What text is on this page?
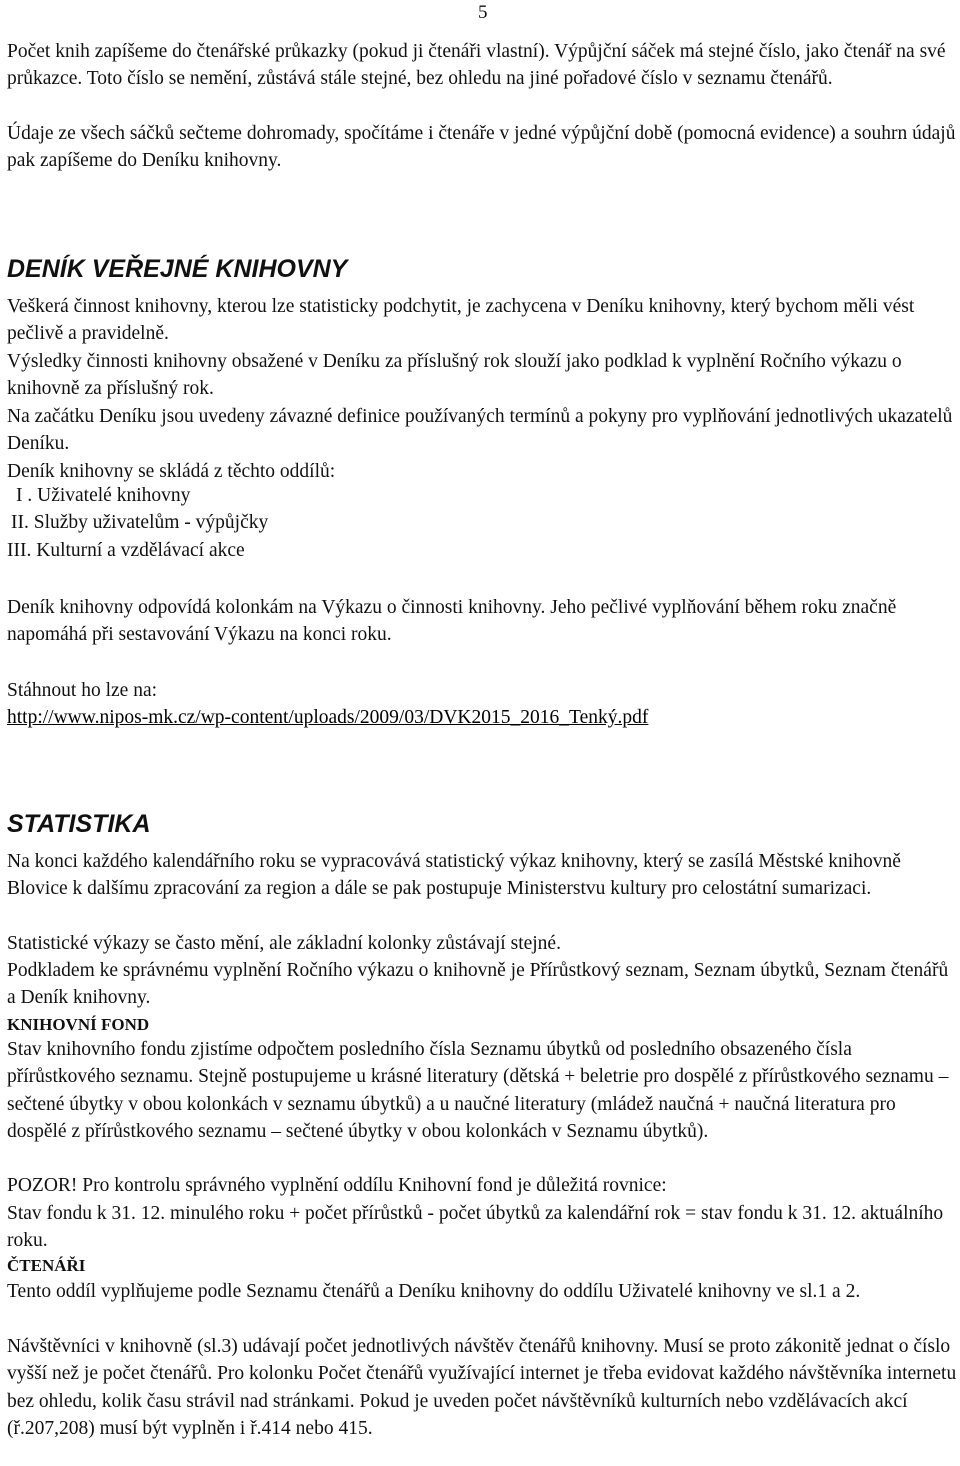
5

Počet knih zapíšeme do čtenářské průkazky (pokud ji čtenáři vlastní). Výpůjční sáček má stejné číslo, jako čtenář na své průkazce. Toto číslo se nemění, zůstává stále stejné, bez ohledu na jiné pořadové číslo v seznamu čtenářů.

Údaje ze všech sáčků sečteme dohromady, spočítáme i čtenáře v jedné výpůjční době (pomocná evidence) a souhrn údajů pak zapíšeme do Deníku knihovny.

DENÍK VEŘEJNÉ KNIHOVNY

Veškerá činnost knihovny, kterou lze statisticky podchytit, je zachycena v Deníku knihovny, který bychom měli vést pečlivě a pravidelně.

Výsledky činnosti knihovny obsažené v Deníku za příslušný rok slouží jako podklad k vyplnění Ročního výkazu o knihovně za příslušný rok.

Na začátku Deníku jsou uvedeny závazné definice používaných termínů a pokyny pro vyplňování jednotlivých ukazatelů Deníku.

Deník knihovny se skládá z těchto oddílů:

I . Uživatelé knihovny
II. Služby uživatelům - výpůjčky
III. Kulturní a vzdělávací akce

Deník knihovny odpovídá kolonkám na Výkazu o činnosti knihovny. Jeho pečlivé vyplňování během roku značně napomáhá při sestavování Výkazu na konci roku.

Stáhnout ho lze na:

http://www.nipos-mk.cz/wp-content/uploads/2009/03/DVK2015_2016_Tenký.pdf

STATISTIKA

Na konci každého kalendářního roku se vypracovává statistický výkaz knihovny, který se zasílá Městské knihovně Blovice k dalšímu zpracování za region a dále se pak postupuje Ministerstvu kultury pro celostátní sumarizaci.

Statistické výkazy se často mění, ale základní kolonky zůstávají stejné.

Podkladem ke správnému vyplnění Ročního výkazu o knihovně je Přírůstkový seznam, Seznam úbytků, Seznam čtenářů a Deník knihovny.

KNIHOVNÍ FOND

Stav knihovního fondu zjistíme odpočtem posledního čísla Seznamu úbytků od posledního obsazeného čísla přírůstkového seznamu. Stejně postupujeme u krásné literatury (dětská + beletrie pro dospělé z přírůstkového seznamu – sečtené úbytky v obou kolonkách v seznamu úbytků) a u naučné literatury (mládež naučná + naučná literatura pro dospělé z přírůstkového seznamu – sečtené úbytky v obou kolonkách v Seznamu úbytků).

POZOR! Pro kontrolu správného vyplnění oddílu Knihovní fond je důležitá rovnice:

Stav fondu k 31. 12. minulého roku + počet přírůstků - počet úbytků za kalendářní rok = stav fondu k 31. 12. aktuálního roku.

ČTENÁŘI

Tento oddíl vyplňujeme podle Seznamu čtenářů a Deníku knihovny do oddílu Uživatelé knihovny ve sl.1 a 2.

Návštěvníci v knihovně (sl.3) udávají počet jednotlivých návštěv čtenářů knihovny. Musí se proto zákonitě jednat o číslo vyšší než je počet čtenářů. Pro kolonku Počet čtenářů využívající internet je třeba evidovat každého návštěvníka internetu bez ohledu, kolik času strávil nad stránkami. Pokud je uveden počet návštěvníků kulturních nebo vzdělávacích akcí (ř.207,208) musí být vyplněn i ř.414 nebo 415.
